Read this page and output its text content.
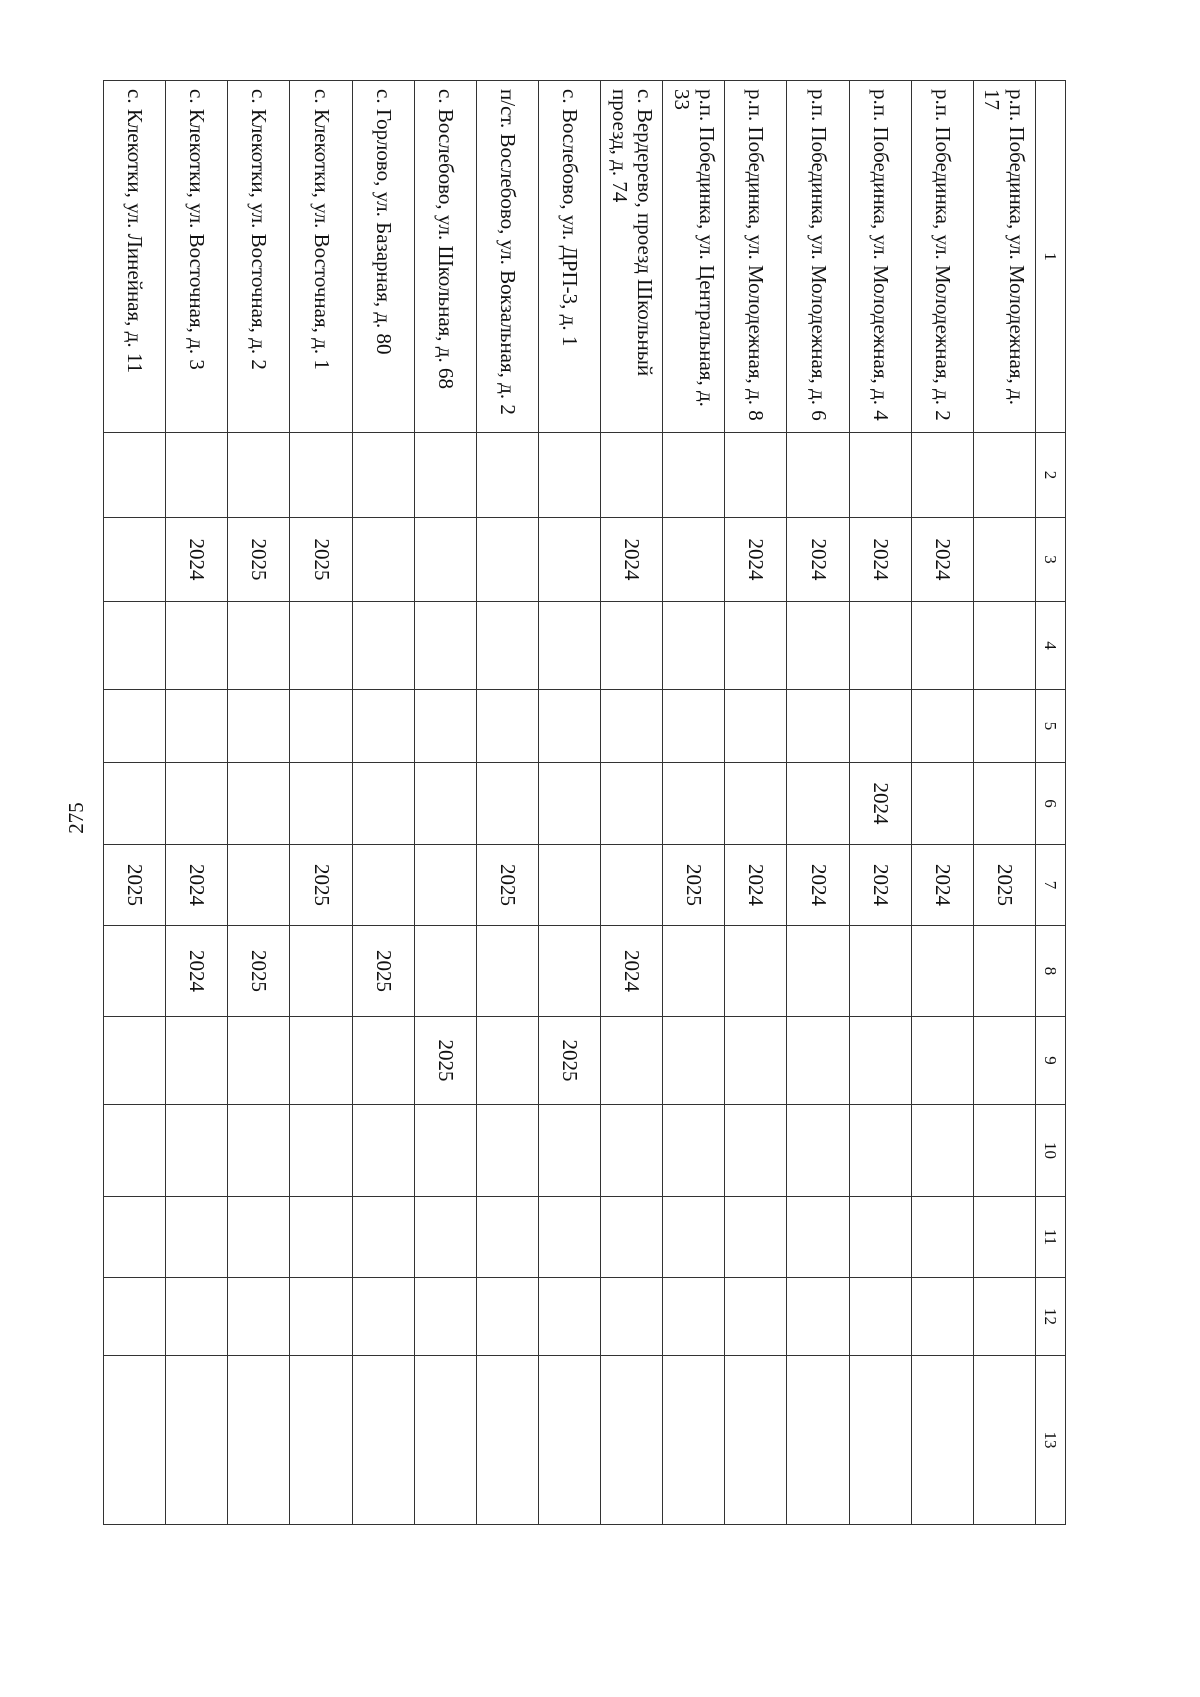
275
1	2	3	4	5	6	7	8	9	10	11	12	13
р.п. Побединка, ул. Молодежная, д. 17						2025						
р.п. Побединка, ул. Молодежная, д. 2		2024				2024						
р.п. Побединка, ул. Молодежная, д. 4		2024			2024	2024						
р.п. Побединка, ул. Молодежная, д. 6		2024				2024						
р.п. Побединка, ул. Молодежная, д. 8		2024				2024						
р.п. Побединка, ул. Центральная, д. 33						2025						
с. Вердерево, проезд Школьный проезд, д. 74		2024					2024					
с. Вослебово, ул. ДРП-3, д. 1								2025				
п/ст. Вослебово, ул. Вокзальная, д. 2						2025						
с. Вослебово, ул. Школьная, д. 68								2025				
с. Горлово, ул. Базарная, д. 80							2025					
с. Клекотки, ул. Восточная, д. 1		2025				2025						
с. Клекотки, ул. Восточная, д. 2		2025					2025					
с. Клекотки, ул. Восточная, д. 3		2024				2024	2024					
с. Клекотки, ул. Линейная, д. 11						2025						
